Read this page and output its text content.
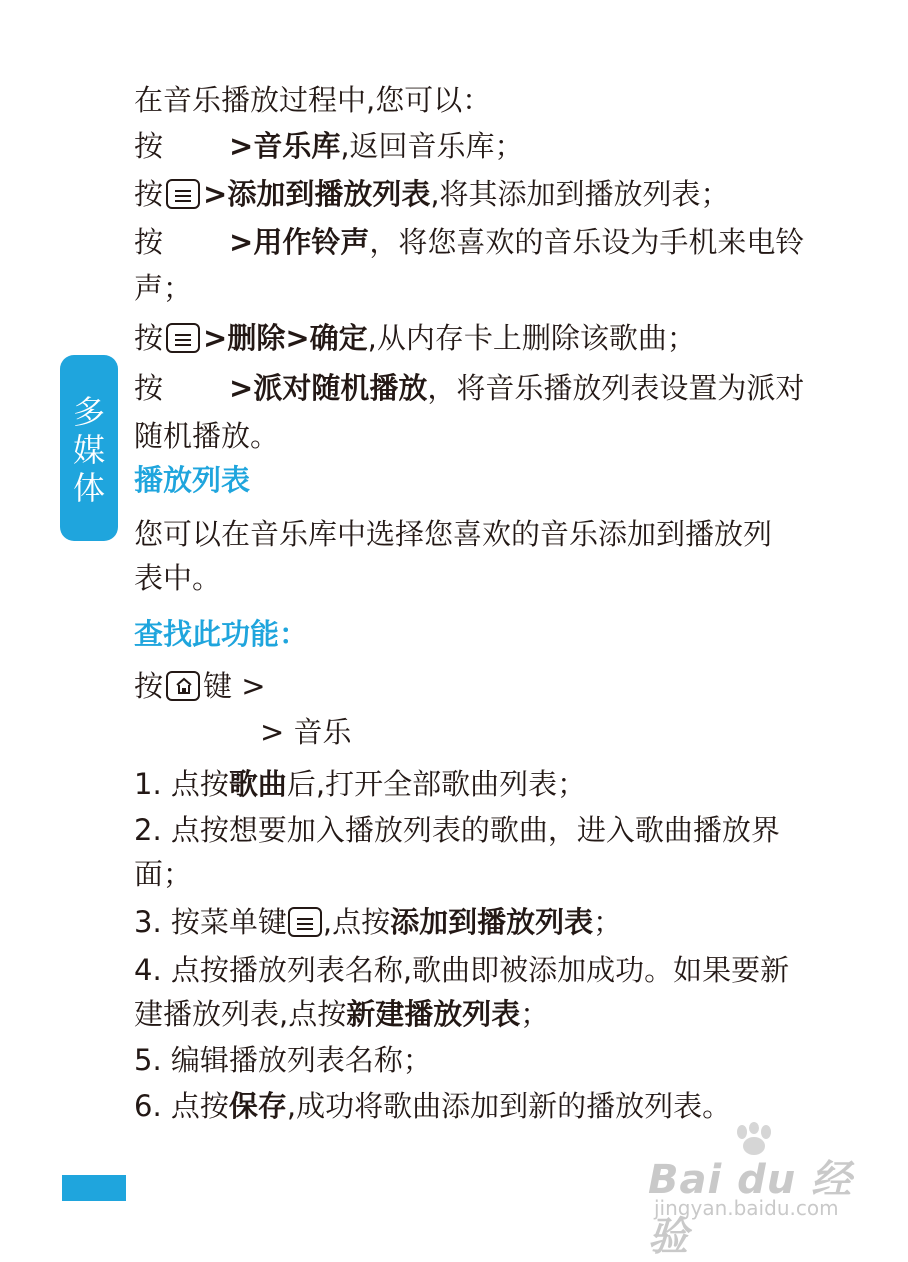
多
媒
体
在音乐播放过程中,您可以：
按 >音乐库,返回音乐库；
按 >添加到播放列表,将其添加到播放列表；
按 >用作铃声，将您喜欢的音乐设为手机来电铃
声；
按 >删除>确定,从内存卡上删除该歌曲；
按 >派对随机播放，将音乐播放列表设置为派对
随机播放。
播放列表
您可以在音乐库中选择您喜欢的音乐添加到播放列
表中。
查找此功能：
按 键 >
> 音乐
1. 点按歌曲后,打开全部歌曲列表；
2. 点按想要加入播放列表的歌曲，进入歌曲播放界
面；
3. 按菜单键 ,点按添加到播放列表；
4. 点按播放列表名称,歌曲即被添加成功。如果要新
建播放列表,点按新建播放列表；
5. 编辑播放列表名称；
6. 点按保存,成功将歌曲添加到新的播放列表。
Bai du 经验
jingyan.baidu.com
